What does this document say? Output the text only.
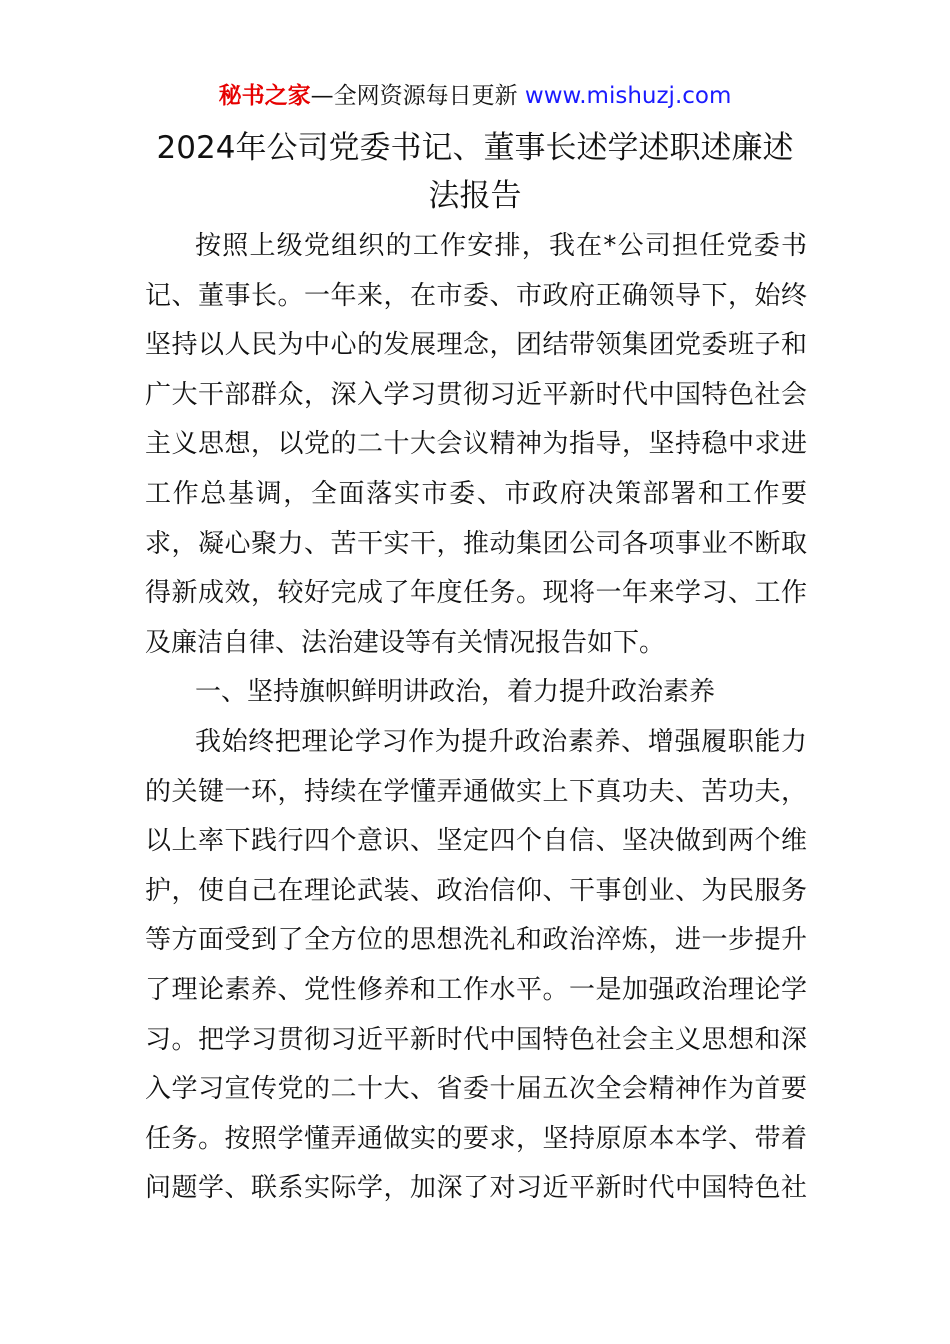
秘书之家—全网资源每日更新 www.mishuzj.com
2024年公司党委书记、董事长述学述职述廉述
法报告
按照上级党组织的工作安排，我在*公司担任党委书
记、董事长。一年来，在市委、市政府正确领导下，始终
坚持以人民为中心的发展理念，团结带领集团党委班子和
广大干部群众，深入学习贯彻习近平新时代中国特色社会
主义思想，以党的二十大会议精神为指导，坚持稳中求进
工作总基调，全面落实市委、市政府决策部署和工作要
求，凝心聚力、苦干实干，推动集团公司各项事业不断取
得新成效，较好完成了年度任务。现将一年来学习、工作
及廉洁自律、法治建设等有关情况报告如下。
一、坚持旗帜鲜明讲政治，着力提升政治素养
我始终把理论学习作为提升政治素养、增强履职能力
的关键一环，持续在学懂弄通做实上下真功夫、苦功夫，
以上率下践行四个意识、坚定四个自信、坚决做到两个维
护，使自己在理论武装、政治信仰、干事创业、为民服务
等方面受到了全方位的思想洗礼和政治淬炼，进一步提升
了理论素养、党性修养和工作水平。一是加强政治理论学
习。把学习贯彻习近平新时代中国特色社会主义思想和深
入学习宣传党的二十大、省委十届五次全会精神作为首要
任务。按照学懂弄通做实的要求，坚持原原本本学、带着
问题学、联系实际学，加深了对习近平新时代中国特色社
